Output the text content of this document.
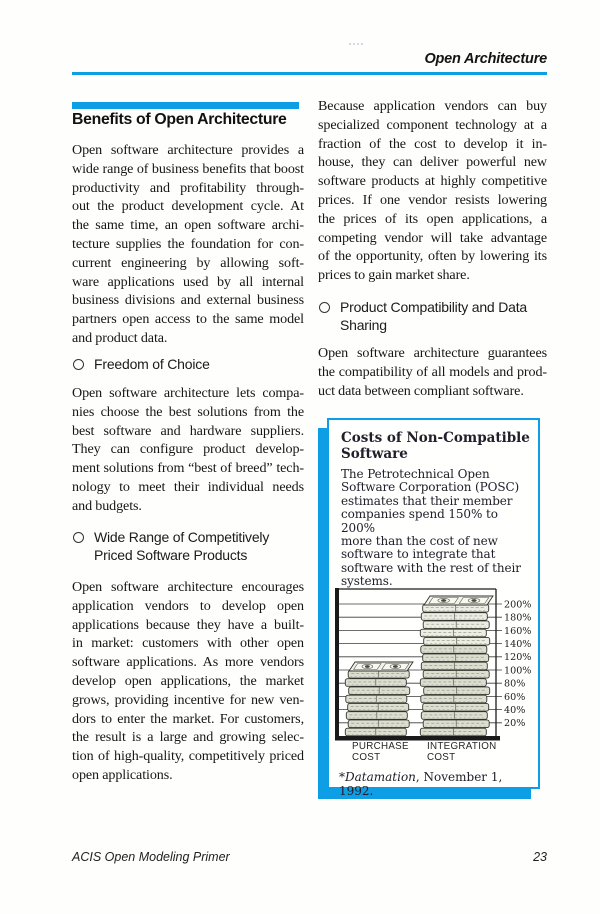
Open Architecture
Benefits of Open Architecture
Open software architecture provides a
wide range of business benefits that boost
productivity and profitability through-
out the product development cycle. At
the same time, an open software archi-
tecture supplies the foundation for con-
current engineering by allowing soft-
ware applications used by all internal
business divisions and external business
partners open access to the same model
and product data.
Freedom of Choice
Open software architecture lets compa-
nies choose the best solutions from the
best software and hardware suppliers.
They can configure product develop-
ment solutions from “best of breed” tech-
nology to meet their individual needs
and budgets.
Wide Range of Competitively
Priced Software Products
Open software architecture encourages
application vendors to develop open
applications because they have a built-
in market: customers with other open
software applications. As more vendors
develop open applications, the market
grows, providing incentive for new ven-
dors to enter the market. For customers,
the result is a large and growing selec-
tion of high-quality, competitively priced
open applications.
Because application vendors can buy
specialized component technology at a
fraction of the cost to develop it in-
house, they can deliver powerful new
software products at highly competitive
prices. If one vendor resists lowering
the prices of its open applications, a
competing vendor will take advantage
of the opportunity, often by lowering its
prices to gain market share.
Product Compatibility and Data
Sharing
Open software architecture guarantees
the compatibility of all models and prod-
uct data between compliant software.
Costs of Non-Compatible
Software
The Petrotechnical Open
Software Corporation (POSC)
estimates that their member
companies spend 150% to 200%
more than the cost of new
software to integrate that
software with the rest of their
systems.
20%
40%
60%
80%
100%
120%
140%
160%
180%
200%
PURCHASE
COST
INTEGRATION
COST
*Datamation, November 1, 1992.
ACIS Open Modeling Primer	23
